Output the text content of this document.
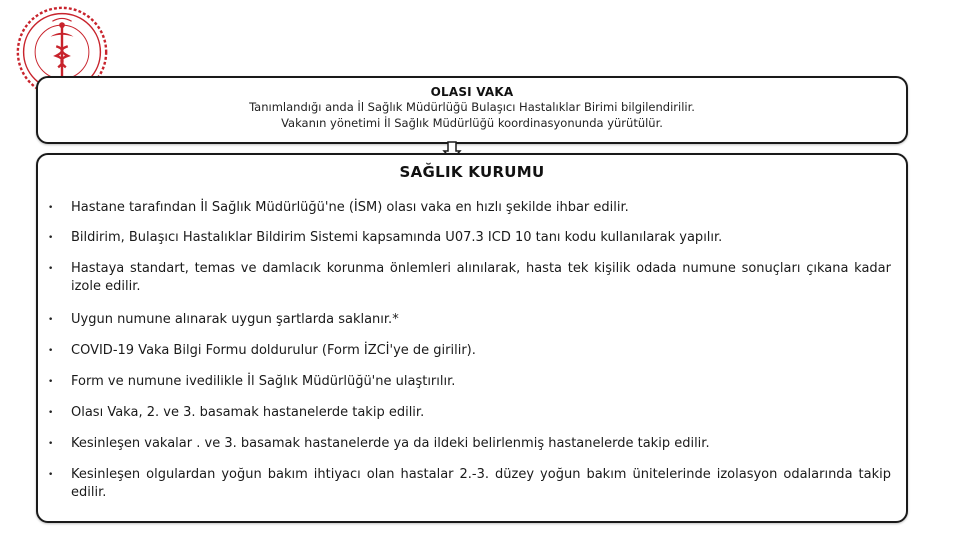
OLASI VAKA
Tanımlandığı anda İl Sağlık Müdürlüğü Bulaşıcı Hastalıklar Birimi bilgilendirilir.
Vakanın yönetimi İl Sağlık Müdürlüğü koordinasyonunda yürütülür.
SAĞLIK KURUMU
• Hastane tarafından İl Sağlık Müdürlüğü'ne (İSM) olası vaka en hızlı şekilde ihbar edilir.
• Bildirim, Bulaşıcı Hastalıklar Bildirim Sistemi kapsamında U07.3 ICD 10 tanı kodu kullanılarak yapılır.
• Hastaya standart, temas ve damlacık korunma önlemleri alınılarak, hasta tek kişilik odada numune sonuçları çıkana kadar izole edilir.
• Uygun numune alınarak uygun şartlarda saklanır.*
• COVID-19 Vaka Bilgi Formu doldurulur (Form İZCİ'ye de girilir).
• Form ve numune ivedilikle İl Sağlık Müdürlüğü'ne ulaştırılır.
• Olası Vaka, 2. ve 3. basamak hastanelerde takip edilir.
• Kesinleşen vakalar . ve 3. basamak hastanelerde ya da ildeki belirlenmiş hastanelerde takip edilir.
• Kesinleşen olgulardan yoğun bakım ihtiyacı olan hastalar 2.-3. düzey yoğun bakım ünitelerinde izolasyon odalarında takip edilir.
